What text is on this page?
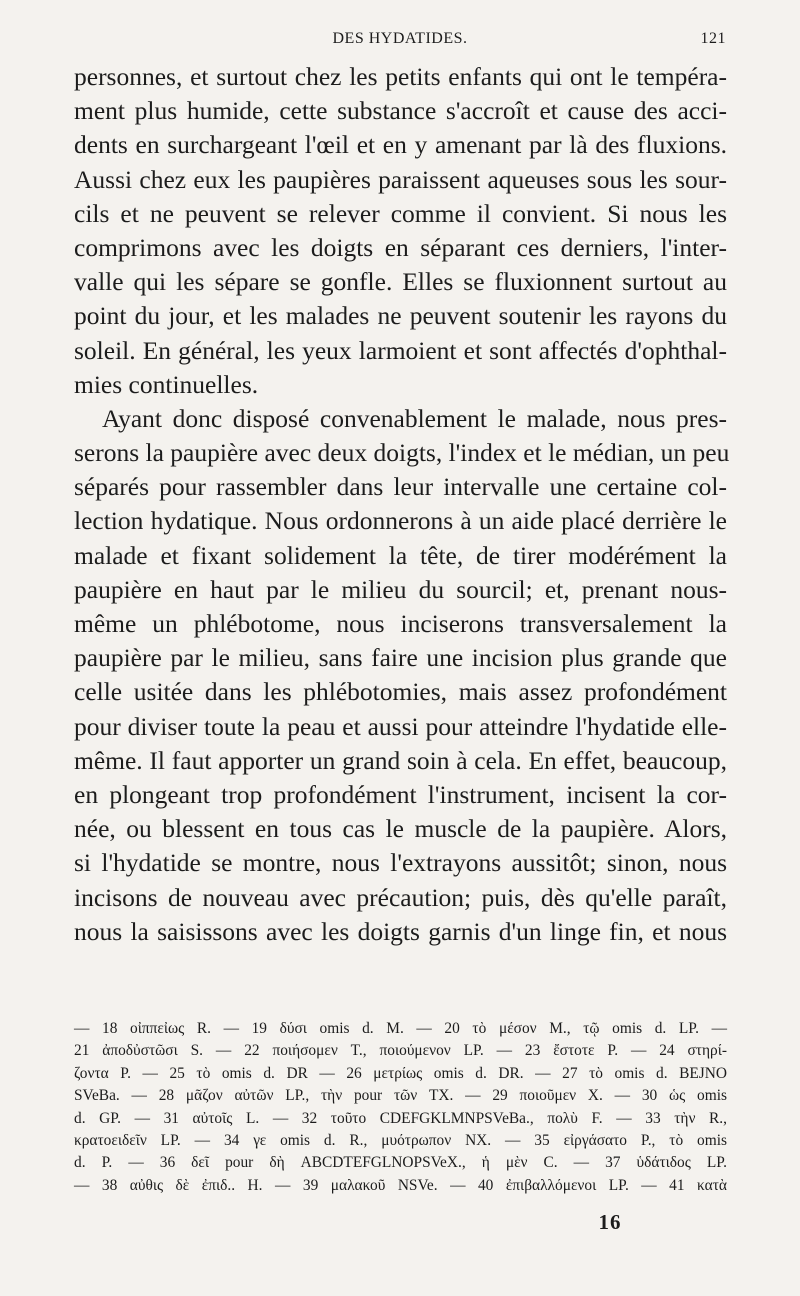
DES HYDATIDES.	121
personnes, et surtout chez les petits enfants qui ont le tempéra-
ment plus humide, cette substance s'accroît et cause des acci-
dents en surchargeant l'œil et en y amenant par là des fluxions.
Aussi chez eux les paupières paraissent aqueuses sous les sour-
cils et ne peuvent se relever comme il convient. Si nous les
comprimons avec les doigts en séparant ces derniers, l'inter-
valle qui les sépare se gonfle. Elles se fluxionnent surtout au
point du jour, et les malades ne peuvent soutenir les rayons du
soleil. En général, les yeux larmoient et sont affectés d'ophthal-
mies continuelles.
Ayant donc disposé convenablement le malade, nous pres-
serons la paupière avec deux doigts, l'index et le médian, un peu
séparés pour rassembler dans leur intervalle une certaine col-
lection hydatique. Nous ordonnerons à un aide placé derrière le
malade et fixant solidement la tête, de tirer modérément la
paupière en haut par le milieu du sourcil; et, prenant nous-
même un phlébotome, nous inciserons transversalement la
paupière par le milieu, sans faire une incision plus grande que
celle usitée dans les phlébotomies, mais assez profondément
pour diviser toute la peau et aussi pour atteindre l'hydatide elle-
même. Il faut apporter un grand soin à cela. En effet, beaucoup,
en plongeant trop profondément l'instrument, incisent la cor-
née, ou blessent en tous cas le muscle de la paupière. Alors,
si l'hydatide se montre, nous l'extrayons aussitôt; sinon, nous
incisons de nouveau avec précaution; puis, dès qu'elle paraît,
nous la saisissons avec les doigts garnis d'un linge fin, et nous
— 18 οἰππεἰως R. — 19 δύσι omis d. M. — 20 τὸ μέσον M., τῷ omis d. LP. —
21 ἀποδὐστῶσι S. — 22 ποιήσομεν T., ποιούμενον LP. — 23 ἔστοτε P. — 24 στηρί-
ζοντα P. — 25 τὸ omis d. DR — 26 μετρίως omis d. DR. — 27 τὸ omis d. BEJNO
SVeBa. — 28 μᾶζον αὐτῶν LP., τὴν pour τῶν TX. — 29 ποιοῦμεν X. — 30 ὡς omis
d. GP. — 31 αὐτοῖς L. — 32 τοῦτο CDEFGKLMNPSVeBa., πολὺ F. — 33 τὴν R.,
κρατοειδεῖν LP. — 34 γε omis d. R., μυότρωπον NX. — 35 εἰργάσατο P., τὸ omis
d. P. — 36 δεῖ pour δὴ ABCDTEFGLNOPSVeX., ἡ μὲν C. — 37 ὑδάτιδος LP.
— 38 αὐθις δὲ ἐπιδ.. H. — 39 μαλακοῦ NSVe. — 40 ἐπιβαλλόμενοι LP. — 41 κατὰ
16
